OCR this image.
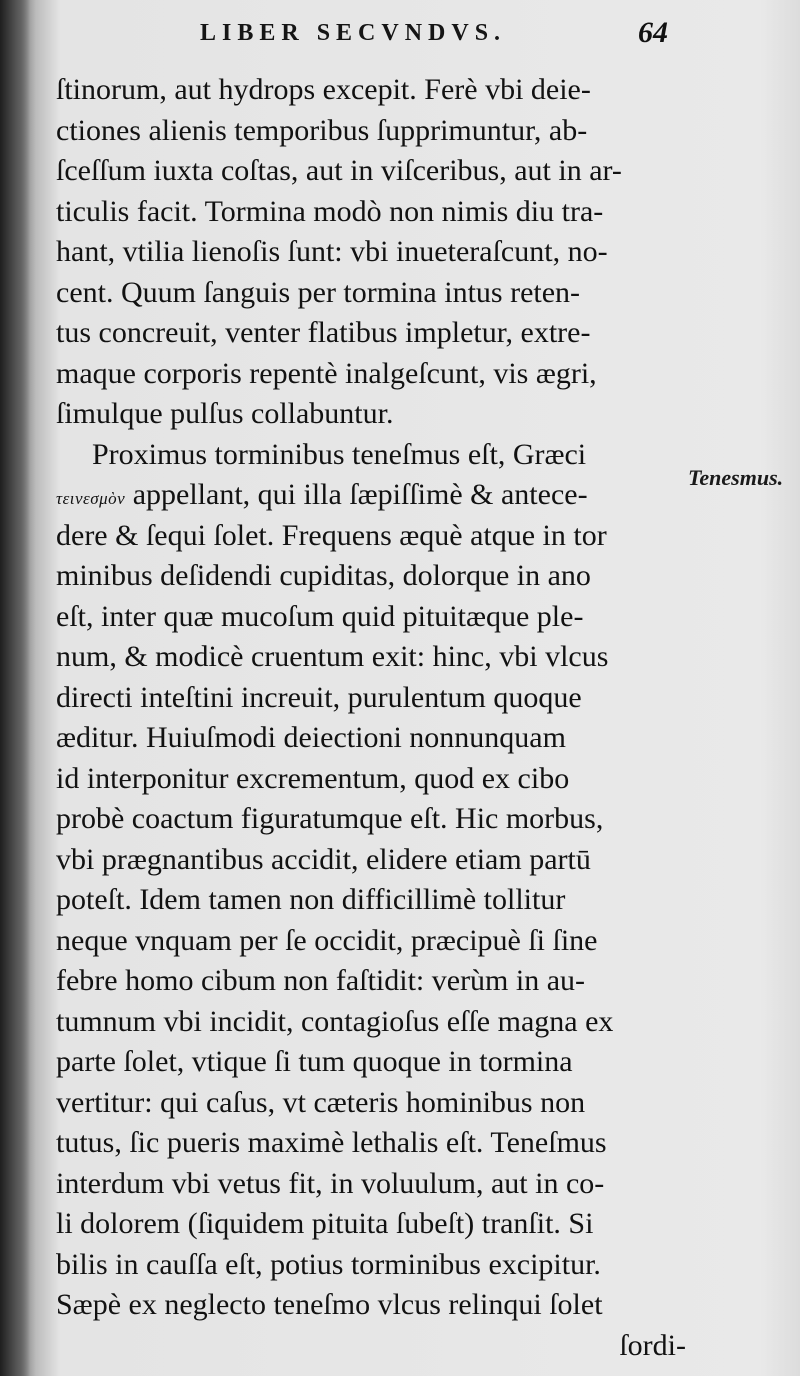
LIBER SECVNDVS.	64
ſtinorum, aut hydrops excepit. Ferè vbi deie-
ctiones alienis temporibus ſupprimuntur, ab-
ſceſſum iuxta coſtas, aut in viſceribus, aut in ar-
ticulis facit. Tormina modò non nimis diu tra-
hant, vtilia lienoſis ſunt: vbi inueteraſcunt, no-
cent. Quum ſanguis per tormina intus reten-
tus concreuit, venter flatibus impletur, extre-
maque corporis repentè inalgeſcunt, vis ægri,
ſimulque pulſus collabuntur.
Proximus torminibus teneſmus eſt, Græci
τεινεσμὸν appellant, qui illa ſæpiſſimè & antece-
dere & ſequi ſolet. Frequens æquè atque in tor
minibus deſidendi cupiditas, dolorque in ano
eſt, inter quæ mucoſum quid pituitæque ple-
num, & modicè cruentum exit: hinc, vbi vlcus
directi inteſtini increuit, purulentum quoque
æditur. Huiuſmodi deiectioni nonnunquam
id interponitur excrementum, quod ex cibo
probè coactum figuratumque eſt. Hic morbus,
vbi prægnantibus accidit, elidere etiam partū
poteſt. Idem tamen non difficillimè tollitur
neque vnquam per ſe occidit, præcipuè ſi ſine
febre homo cibum non faſtidit: verùm in au-
tumnum vbi incidit, contagioſus eſſe magna ex
parte ſolet, vtique ſi tum quoque in tormina
vertitur: qui caſus, vt cæteris hominibus non
tutus, ſic pueris maximè lethalis eſt. Teneſmus
interdum vbi vetus fit, in voluulum, aut in co-
li dolorem (ſiquidem pituita ſubeſt) tranſit. Si
bilis in cauſſa eſt, potius torminibus excipitur.
Sæpè ex neglecto teneſmo vlcus relinqui ſolet
ſordi-
Tenesmus.
